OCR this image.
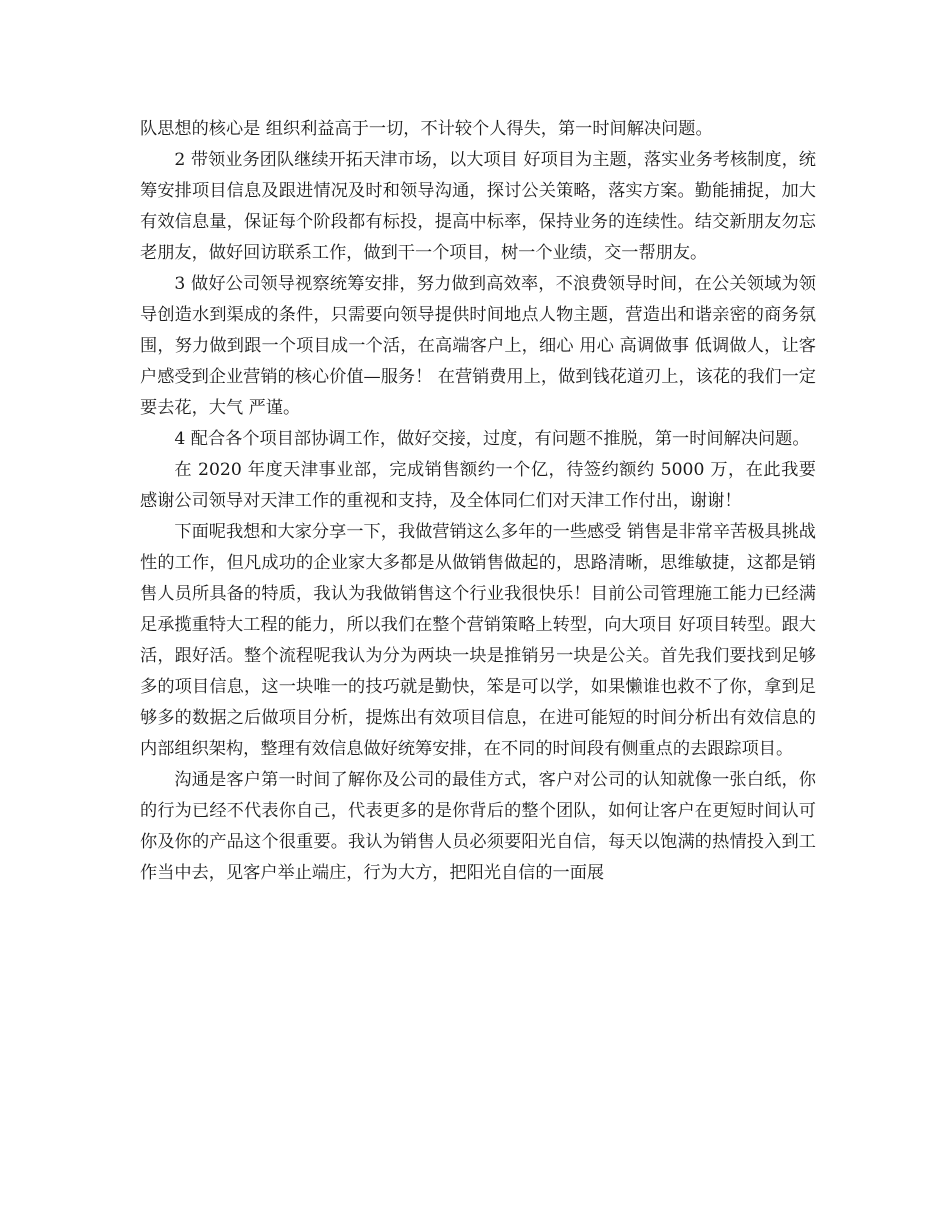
队思想的核心是 组织利益高于一切，不计较个人得失，第一时间解决问题。

2 带领业务团队继续开拓天津市场，以大项目 好项目为主题，落实业务考核制度，统筹安排项目信息及跟进情况及时和领导沟通，探讨公关策略，落实方案。勤能捕捉，加大有效信息量，保证每个阶段都有标投，提高中标率，保持业务的连续性。结交新朋友勿忘老朋友，做好回访联系工作，做到干一个项目，树一个业绩，交一帮朋友。

3 做好公司领导视察统筹安排，努力做到高效率，不浪费领导时间，在公关领域为领导创造水到渠成的条件，只需要向领导提供时间地点人物主题，营造出和谐亲密的商务氛围，努力做到跟一个项目成一个活，在高端客户上，细心 用心 高调做事 低调做人，让客户感受到企业营销的核心价值—服务！ 在营销费用上，做到钱花道刃上，该花的我们一定要去花，大气 严谨。

4 配合各个项目部协调工作，做好交接，过度，有问题不推脱，第一时间解决问题。

在 2020 年度天津事业部，完成销售额约一个亿，待签约额约 5000 万，在此我要感谢公司领导对天津工作的重视和支持，及全体同仁们对天津工作付出，谢谢！

下面呢我想和大家分享一下，我做营销这么多年的一些感受 销售是非常辛苦极具挑战性的工作，但凡成功的企业家大多都是从做销售做起的，思路清晰，思维敏捷，这都是销售人员所具备的特质，我认为我做销售这个行业我很快乐！目前公司管理施工能力已经满足承揽重特大工程的能力，所以我们在整个营销策略上转型，向大项目 好项目转型。跟大活，跟好活。整个流程呢我认为分为两块一块是推销另一块是公关。首先我们要找到足够多的项目信息，这一块唯一的技巧就是勤快，笨是可以学，如果懒谁也救不了你，拿到足够多的数据之后做项目分析，提炼出有效项目信息，在进可能短的时间分析出有效信息的内部组织架构，整理有效信息做好统筹安排，在不同的时间段有侧重点的去跟踪项目。

沟通是客户第一时间了解你及公司的最佳方式，客户对公司的认知就像一张白纸，你的行为已经不代表你自己，代表更多的是你背后的整个团队，如何让客户在更短时间认可你及你的产品这个很重要。我认为销售人员必须要阳光自信，每天以饱满的热情投入到工作当中去，见客户举止端庄，行为大方，把阳光自信的一面展
